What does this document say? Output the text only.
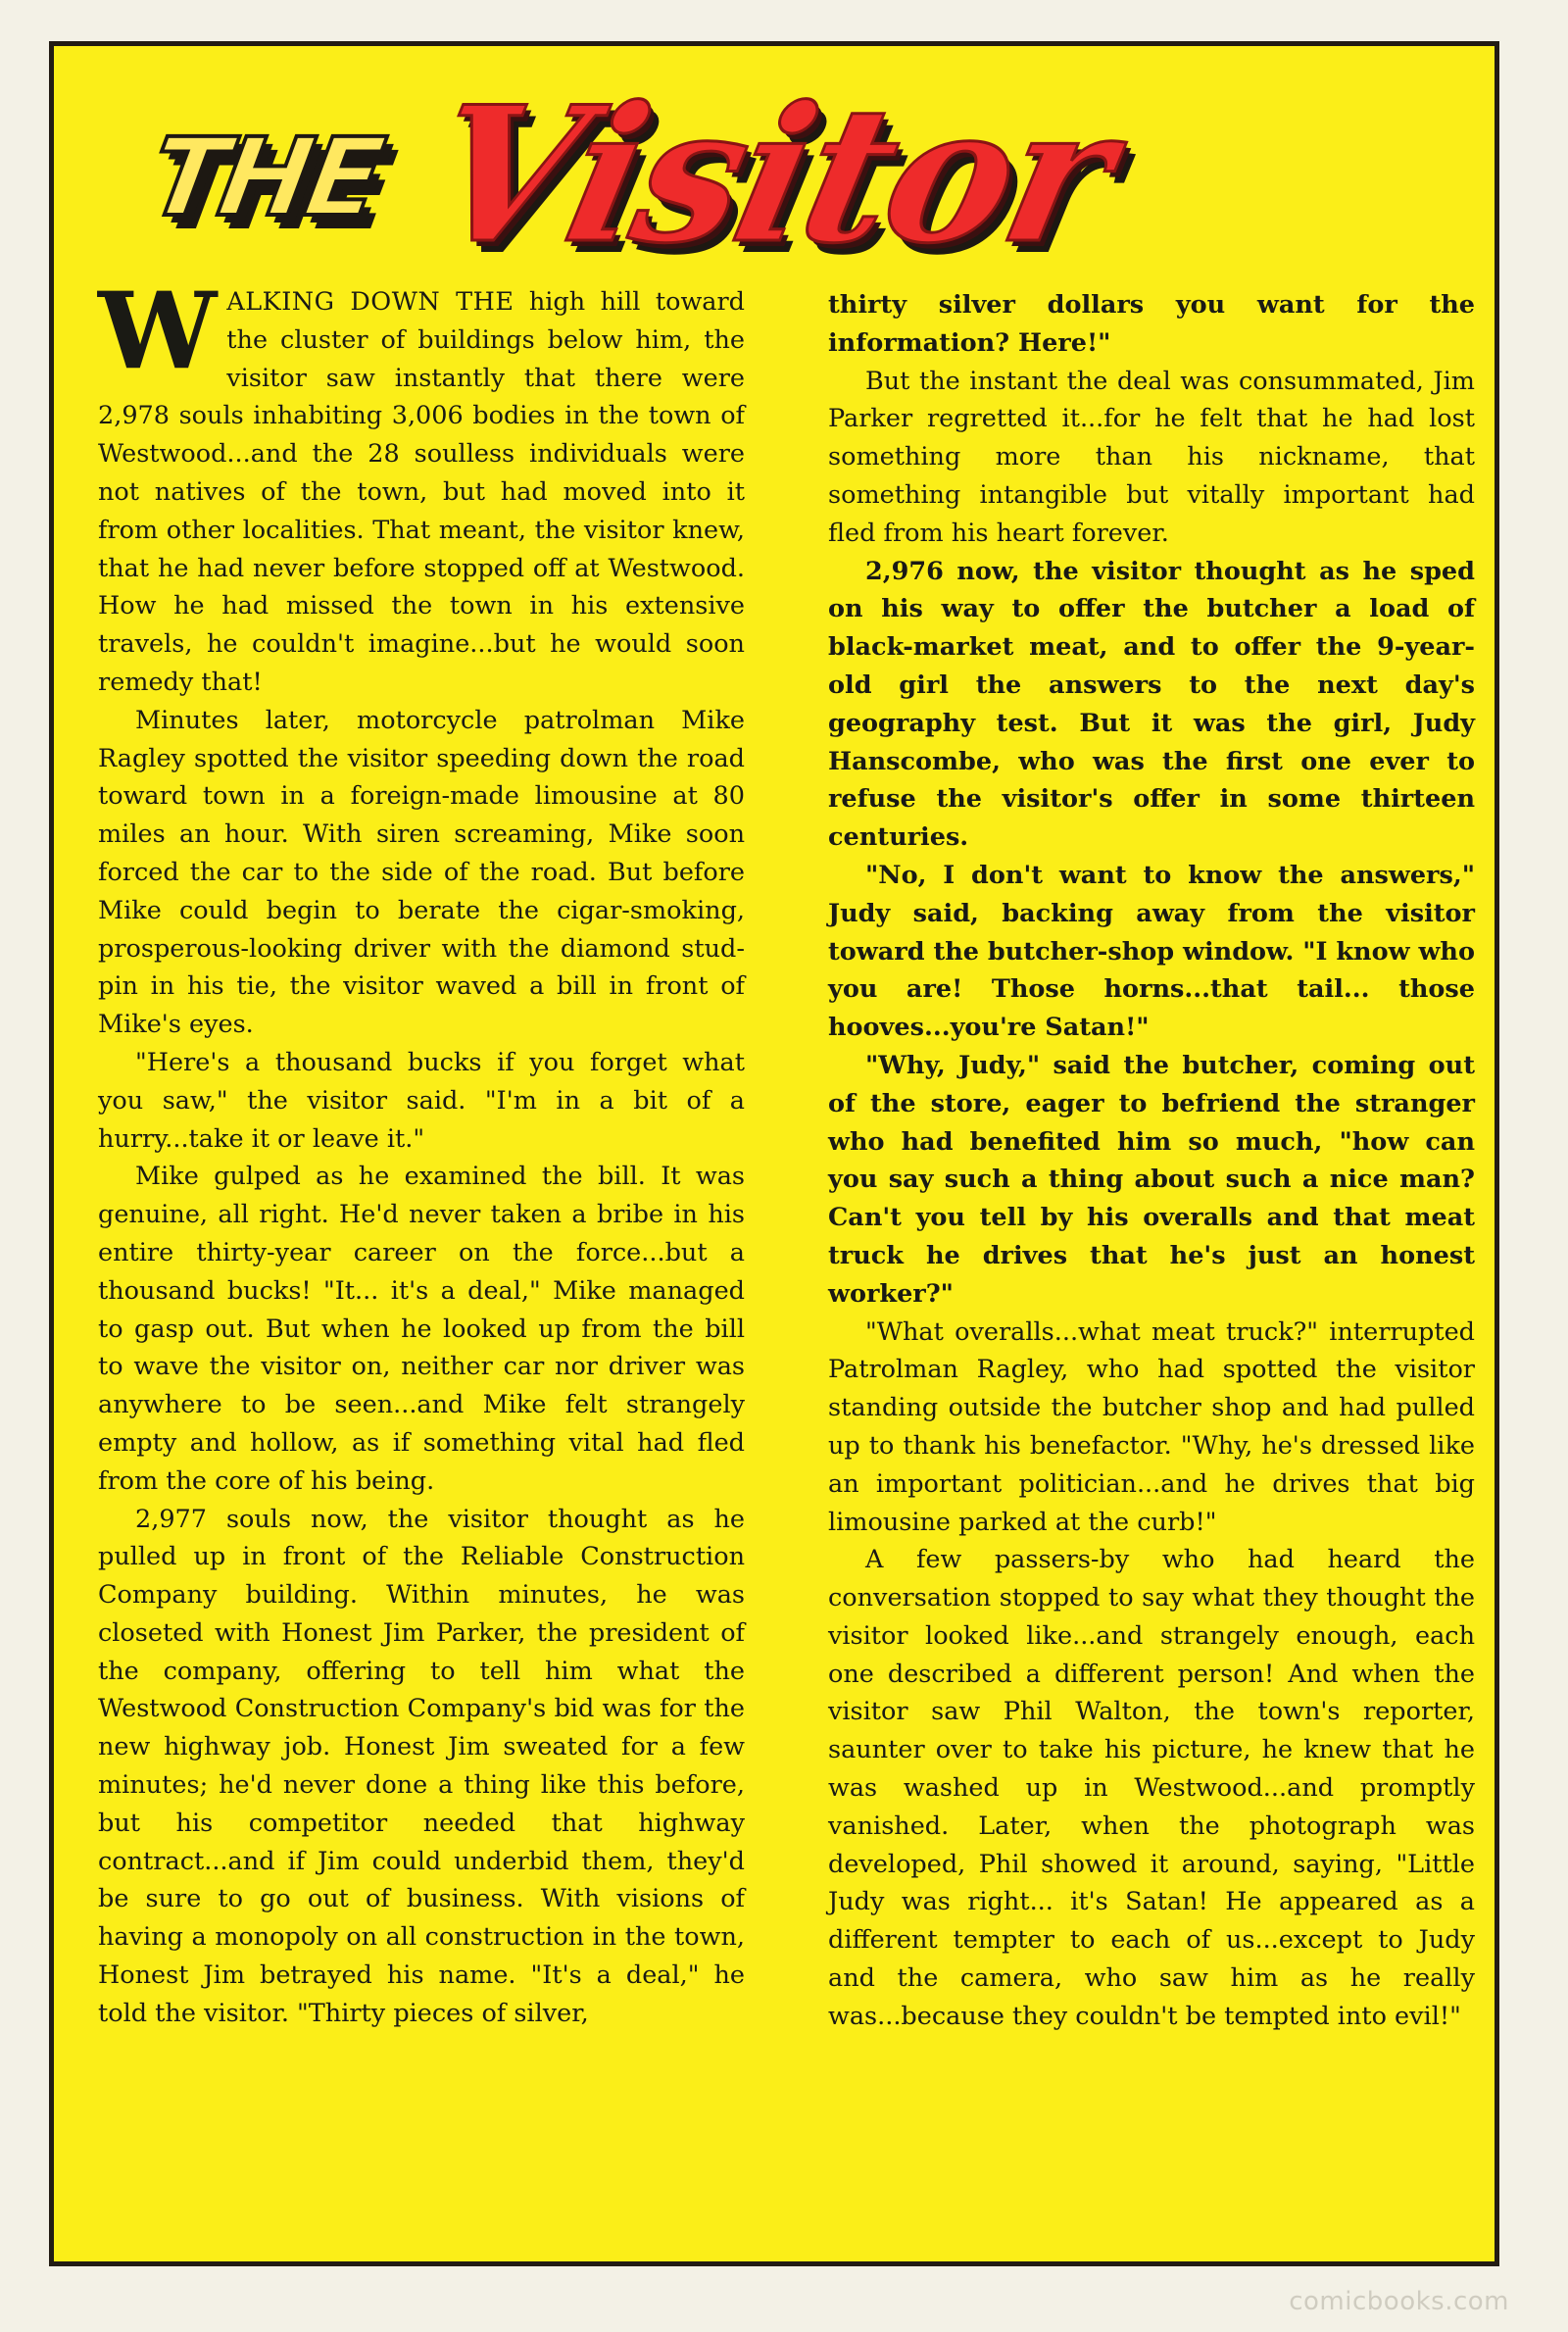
THE Visitor

WALKING DOWN THE high hill toward the cluster of buildings below him, the visitor saw instantly that there were 2,978 souls inhabiting 3,006 bodies in the town of Westwood...and the 28 soulless individuals were not natives of the town, but had moved into it from other localities. That meant, the visitor knew, that he had never before stopped off at Westwood. How he had missed the town in his extensive travels, he couldn't imagine...but he would soon remedy that!

Minutes later, motorcycle patrolman Mike Ragley spotted the visitor speeding down the road toward town in a foreign-made limousine at 80 miles an hour. With siren screaming, Mike soon forced the car to the side of the road. But before Mike could begin to berate the cigar-smoking, prosperous-looking driver with the diamond stud-pin in his tie, the visitor waved a bill in front of Mike's eyes.

"Here's a thousand bucks if you forget what you saw," the visitor said. "I'm in a bit of a hurry...take it or leave it."

Mike gulped as he examined the bill. It was genuine, all right. He'd never taken a bribe in his entire thirty-year career on the force...but a thousand bucks! "It... it's a deal," Mike managed to gasp out. But when he looked up from the bill to wave the visitor on, neither car nor driver was anywhere to be seen...and Mike felt strangely empty and hollow, as if something vital had fled from the core of his being.

2,977 souls now, the visitor thought as he pulled up in front of the Reliable Construction Company building. Within minutes, he was closeted with Honest Jim Parker, the president of the company, offering to tell him what the Westwood Construction Company's bid was for the new highway job. Honest Jim sweated for a few minutes; he'd never done a thing like this before, but his competitor needed that highway contract...and if Jim could underbid them, they'd be sure to go out of business. With visions of having a monopoly on all construction in the town, Honest Jim betrayed his name. "It's a deal," he told the visitor. "Thirty pieces of silver,

thirty silver dollars you want for the information? Here!"

But the instant the deal was consummated, Jim Parker regretted it...for he felt that he had lost something more than his nickname, that something intangible but vitally important had fled from his heart forever.

2,976 now, the visitor thought as he sped on his way to offer the butcher a load of black-market meat, and to offer the 9-year-old girl the answers to the next day's geography test. But it was the girl, Judy Hanscombe, who was the first one ever to refuse the visitor's offer in some thirteen centuries.

"No, I don't want to know the answers," Judy said, backing away from the visitor toward the butcher-shop window. "I know who you are! Those horns...that tail... those hooves...you're Satan!"

"Why, Judy," said the butcher, coming out of the store, eager to befriend the stranger who had benefited him so much, "how can you say such a thing about such a nice man? Can't you tell by his overalls and that meat truck he drives that he's just an honest worker?"

"What overalls...what meat truck?" interrupted Patrolman Ragley, who had spotted the visitor standing outside the butcher shop and had pulled up to thank his benefactor. "Why, he's dressed like an important politician...and he drives that big limousine parked at the curb!"

A few passers-by who had heard the conversation stopped to say what they thought the visitor looked like...and strangely enough, each one described a different person! And when the visitor saw Phil Walton, the town's reporter, saunter over to take his picture, he knew that he was washed up in Westwood...and promptly vanished. Later, when the photograph was developed, Phil showed it around, saying, "Little Judy was right... it's Satan! He appeared as a different tempter to each of us...except to Judy and the camera, who saw him as he really was...because they couldn't be tempted into evil!"

comicbooks.com
